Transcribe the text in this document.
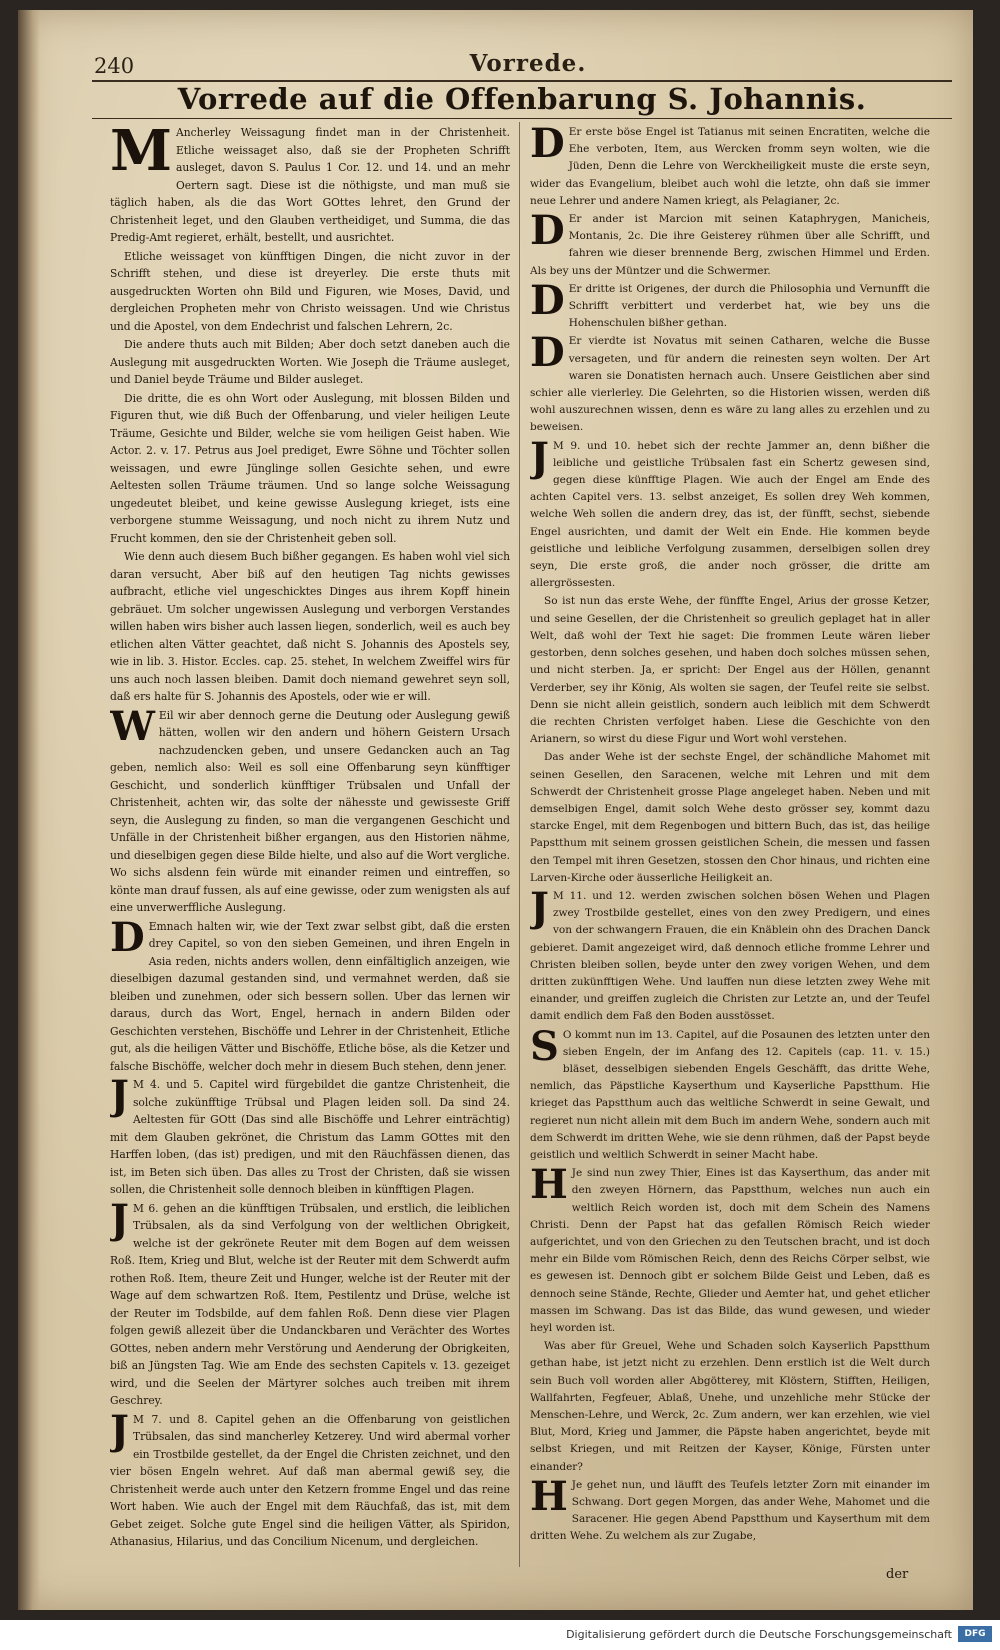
240	Vorrede.
Vorrede auf die Offenbarung S. Johannis.

M Ancherley Weissagung findet man in der Christenheit. Etliche weissaget also, daß sie der Propheten Schrifft ausleget, davon S. Paulus 1 Cor. 12. und 14. und an mehr Oertern sagt. Diese ist die nöthigste, und man muß sie täglich haben, als die das Wort GOttes lehret, den Grund der Christenheit leget, und den Glauben vertheidiget, und Summa, die das Predig-Amt regieret, erhält, bestellt, und ausrichtet.

Etliche weissaget von künfftigen Dingen, die nicht zuvor in der Schrifft stehen, und diese ist dreyerley. Die erste thuts mit ausgedruckten Worten ohn Bild und Figuren, wie Moses, David, und dergleichen Propheten mehr von Christo weissagen. Und wie Christus und die Apostel, von dem Endechrist und falschen Lehrern, 2c.

Die andere thuts auch mit Bilden; Aber doch setzt daneben auch die Auslegung mit ausgedruckten Worten. Wie Joseph die Träume ausleget, und Daniel beyde Träume und Bilder ausleget.

Die dritte, die es ohn Wort oder Auslegung, mit blossen Bilden und Figuren thut, wie diß Buch der Offenbarung, und vieler heiligen Leute Träume, Gesichte und Bilder, welche sie vom heiligen Geist haben. Wie Actor. 2. v. 17. Petrus aus Joel prediget, Ewre Söhne und Töchter sollen weissagen, und ewre Jünglinge sollen Gesichte sehen, und ewre Aeltesten sollen Träume träumen. Und so lange solche Weissagung ungedeutet bleibet, und keine gewisse Auslegung krieget, ists eine verborgene stumme Weissagung, und noch nicht zu ihrem Nutz und Frucht kommen, den sie der Christenheit geben soll.

Wie denn auch diesem Buch bißher gegangen. Es haben wohl viel sich daran versucht, Aber biß auf den heutigen Tag nichts gewisses aufbracht, etliche viel ungeschicktes Dinges aus ihrem Kopff hinein gebräuet. Um solcher ungewissen Auslegung und verborgen Verstandes willen haben wirs bisher auch lassen liegen, sonderlich, weil es auch bey etlichen alten Vätter geachtet, daß nicht S. Johannis des Apostels sey, wie in lib. 3. Histor. Eccles. cap. 25. stehet, In welchem Zweiffel wirs für uns auch noch lassen bleiben. Damit doch niemand gewehret seyn soll, daß ers halte für S. Johannis des Apostels, oder wie er will.

W Eil wir aber dennoch gerne die Deutung oder Auslegung gewiß hätten, wollen wir den andern und höhern Geistern Ursach nachzudencken geben, und unsere Gedancken auch an Tag geben, nemlich also: Weil es soll eine Offenbarung seyn künfftiger Geschicht, und sonderlich künfftiger Trübsalen und Unfall der Christenheit, achten wir, das solte der nähesste und gewisseste Griff seyn, die Auslegung zu finden, so man die vergangenen Geschicht und Unfälle in der Christenheit bißher ergangen, aus den Historien nähme, und dieselbigen gegen diese Bilde hielte, und also auf die Wort vergliche. Wo sichs alsdenn fein würde mit einander reimen und eintreffen, so könte man drauf fussen, als auf eine gewisse, oder zum wenigsten als auf eine unverwerffliche Auslegung.

D Emnach halten wir, wie der Text zwar selbst gibt, daß die ersten drey Capitel, so von den sieben Gemeinen, und ihren Engeln in Asia reden, nichts anders wollen, denn einfältiglich anzeigen, wie dieselbigen dazumal gestanden sind, und vermahnet werden, daß sie bleiben und zunehmen, oder sich bessern sollen. Uber das lernen wir daraus, durch das Wort, Engel, hernach in andern Bilden oder Geschichten verstehen, Bischöffe und Lehrer in der Christenheit, Etliche gut, als die heiligen Vätter und Bischöffe, Etliche böse, als die Ketzer und falsche Bischöffe, welcher doch mehr in diesem Buch stehen, denn jener.

J M 4. und 5. Capitel wird fürgebildet die gantze Christenheit, die solche zukünfftige Trübsal und Plagen leiden soll. Da sind 24. Aeltesten für GOtt (Das sind alle Bischöffe und Lehrer einträchtig) mit dem Glauben gekrönet, die Christum das Lamm GOttes mit den Harffen loben, (das ist) predigen, und mit den Räuchfässen dienen, das ist, im Beten sich üben. Das alles zu Trost der Christen, daß sie wissen sollen, die Christenheit solle dennoch bleiben in künfftigen Plagen.

J M 6. gehen an die künfftigen Trübsalen, und erstlich, die leiblichen Trübsalen, als da sind Verfolgung von der weltlichen Obrigkeit, welche ist der gekrönete Reuter mit dem Bogen auf dem weissen Roß. Item, Krieg und Blut, welche ist der Reuter mit dem Schwerdt aufm rothen Roß. Item, theure Zeit und Hunger, welche ist der Reuter mit der Wage auf dem schwartzen Roß. Item, Pestilentz und Drüse, welche ist der Reuter im Todsbilde, auf dem fahlen Roß. Denn diese vier Plagen folgen gewiß allezeit über die Undanckbaren und Verächter des Wortes GOttes, neben andern mehr Verstörung und Aenderung der Obrigkeiten, biß an Jüngsten Tag. Wie am Ende des sechsten Capitels v. 13. gezeiget wird, und die Seelen der Märtyrer solches auch treiben mit ihrem Geschrey.

J M 7. und 8. Capitel gehen an die Offenbarung von geistlichen Trübsalen, das sind mancherley Ketzerey. Und wird abermal vorher ein Trostbilde gestellet, da der Engel die Christen zeichnet, und den vier bösen Engeln wehret. Auf daß man abermal gewiß sey, die Christenheit werde auch unter den Ketzern fromme Engel und das reine Wort haben. Wie auch der Engel mit dem Räuchfaß, das ist, mit dem Gebet zeiget. Solche gute Engel sind die heiligen Vätter, als Spiridon, Athanasius, Hilarius, und das Concilium Nicenum, und dergleichen.

D Er erste böse Engel ist Tatianus mit seinen Encratiten, welche die Ehe verboten, Item, aus Wercken fromm seyn wolten, wie die Jüden, Denn die Lehre von Werckheiligkeit muste die erste seyn, wider das Evangelium, bleibet auch wohl die letzte, ohn daß sie immer neue Lehrer und andere Namen kriegt, als Pelagianer, 2c.

D Er ander ist Marcion mit seinen Kataphrygen, Manicheis, Montanis, 2c. Die ihre Geisterey rühmen über alle Schrifft, und fahren wie dieser brennende Berg, zwischen Himmel und Erden. Als bey uns der Müntzer und die Schwermer.

D Er dritte ist Origenes, der durch die Philosophia und Vernunfft die Schrifft verbittert und verderbet hat, wie bey uns die Hohenschulen bißher gethan.

D Er vierdte ist Novatus mit seinen Catharen, welche die Busse versageten, und für andern die reinesten seyn wolten. Der Art waren sie Donatisten hernach auch. Unsere Geistlichen aber sind schier alle vierlerley. Die Gelehrten, so die Historien wissen, werden diß wohl auszurechnen wissen, denn es wäre zu lang alles zu erzehlen und zu beweisen.

J M 9. und 10. hebet sich der rechte Jammer an, denn bißher die leibliche und geistliche Trübsalen fast ein Schertz gewesen sind, gegen diese künfftige Plagen. Wie auch der Engel am Ende des achten Capitel vers. 13. selbst anzeiget, Es sollen drey Weh kommen, welche Weh sollen die andern drey, das ist, der fünfft, sechst, siebende Engel ausrichten, und damit der Welt ein Ende. Hie kommen beyde geistliche und leibliche Verfolgung zusammen, derselbigen sollen drey seyn, Die erste groß, die ander noch grösser, die dritte am allergrössesten.

So ist nun das erste Wehe, der fünffte Engel, Arius der grosse Ketzer, und seine Gesellen, der die Christenheit so greulich geplaget hat in aller Welt, daß wohl der Text hie saget: Die frommen Leute wären lieber gestorben, denn solches gesehen, und haben doch solches müssen sehen, und nicht sterben. Ja, er spricht: Der Engel aus der Höllen, genannt Verderber, sey ihr König, Als wolten sie sagen, der Teufel reite sie selbst. Denn sie nicht allein geistlich, sondern auch leiblich mit dem Schwerdt die rechten Christen verfolget haben. Liese die Geschichte von den Arianern, so wirst du diese Figur und Wort wohl verstehen.

Das ander Wehe ist der sechste Engel, der schändliche Mahomet mit seinen Gesellen, den Saracenen, welche mit Lehren und mit dem Schwerdt der Christenheit grosse Plage angeleget haben. Neben und mit demselbigen Engel, damit solch Wehe desto grösser sey, kommt dazu starcke Engel, mit dem Regenbogen und bittern Buch, das ist, das heilige Papstthum mit seinem grossen geistlichen Schein, die messen und fassen den Tempel mit ihren Gesetzen, stossen den Chor hinaus, und richten eine Larven-Kirche oder äusserliche Heiligkeit an.

J M 11. und 12. werden zwischen solchen bösen Wehen und Plagen zwey Trostbilde gestellet, eines von den zwey Predigern, und eines von der schwangern Frauen, die ein Knäblein ohn des Drachen Danck gebieret. Damit angezeiget wird, daß dennoch etliche fromme Lehrer und Christen bleiben sollen, beyde unter den zwey vorigen Wehen, und dem dritten zukünfftigen Wehe. Und lauffen nun diese letzten zwey Wehe mit einander, und greiffen zugleich die Christen zur Letzte an, und der Teufel damit endlich dem Faß den Boden ausstösset.

S O kommt nun im 13. Capitel, auf die Posaunen des letzten unter den sieben Engeln, der im Anfang des 12. Capitels (cap. 11. v. 15.) bläset, desselbigen siebenden Engels Geschäfft, das dritte Wehe, nemlich, das Päpstliche Kayserthum und Kayserliche Papstthum. Hie krieget das Papstthum auch das weltliche Schwerdt in seine Gewalt, und regieret nun nicht allein mit dem Buch im andern Wehe, sondern auch mit dem Schwerdt im dritten Wehe, wie sie denn rühmen, daß der Papst beyde geistlich und weltlich Schwerdt in seiner Macht habe.

H Je sind nun zwey Thier, Eines ist das Kayserthum, das ander mit den zweyen Hörnern, das Papstthum, welches nun auch ein weltlich Reich worden ist, doch mit dem Schein des Namens Christi. Denn der Papst hat das gefallen Römisch Reich wieder aufgerichtet, und von den Griechen zu den Teutschen bracht, und ist doch mehr ein Bilde vom Römischen Reich, denn des Reichs Cörper selbst, wie es gewesen ist. Dennoch gibt er solchem Bilde Geist und Leben, daß es dennoch seine Stände, Rechte, Glieder und Aemter hat, und gehet etlicher massen im Schwang. Das ist das Bilde, das wund gewesen, und wieder heyl worden ist.

Was aber für Greuel, Wehe und Schaden solch Kayserlich Papstthum gethan habe, ist jetzt nicht zu erzehlen. Denn erstlich ist die Welt durch sein Buch voll worden aller Abgötterey, mit Klöstern, Stifften, Heiligen, Wallfahrten, Fegfeuer, Ablaß, Unehe, und unzehliche mehr Stücke der Menschen-Lehre, und Werck, 2c. Zum andern, wer kan erzehlen, wie viel Blut, Mord, Krieg und Jammer, die Päpste haben angerichtet, beyde mit selbst Kriegen, und mit Reitzen der Kayser, Könige, Fürsten unter einander?

H Je gehet nun, und läufft des Teufels letzter Zorn mit einander im Schwang. Dort gegen Morgen, das ander Wehe, Mahomet und die Saracener. Hie gegen Abend Papstthum und Kayserthum mit dem dritten Wehe. Zu welchem als zur Zugabe,

der
Digitalisierung gefördert durch die Deutsche Forschungsgemeinschaft	DFG
